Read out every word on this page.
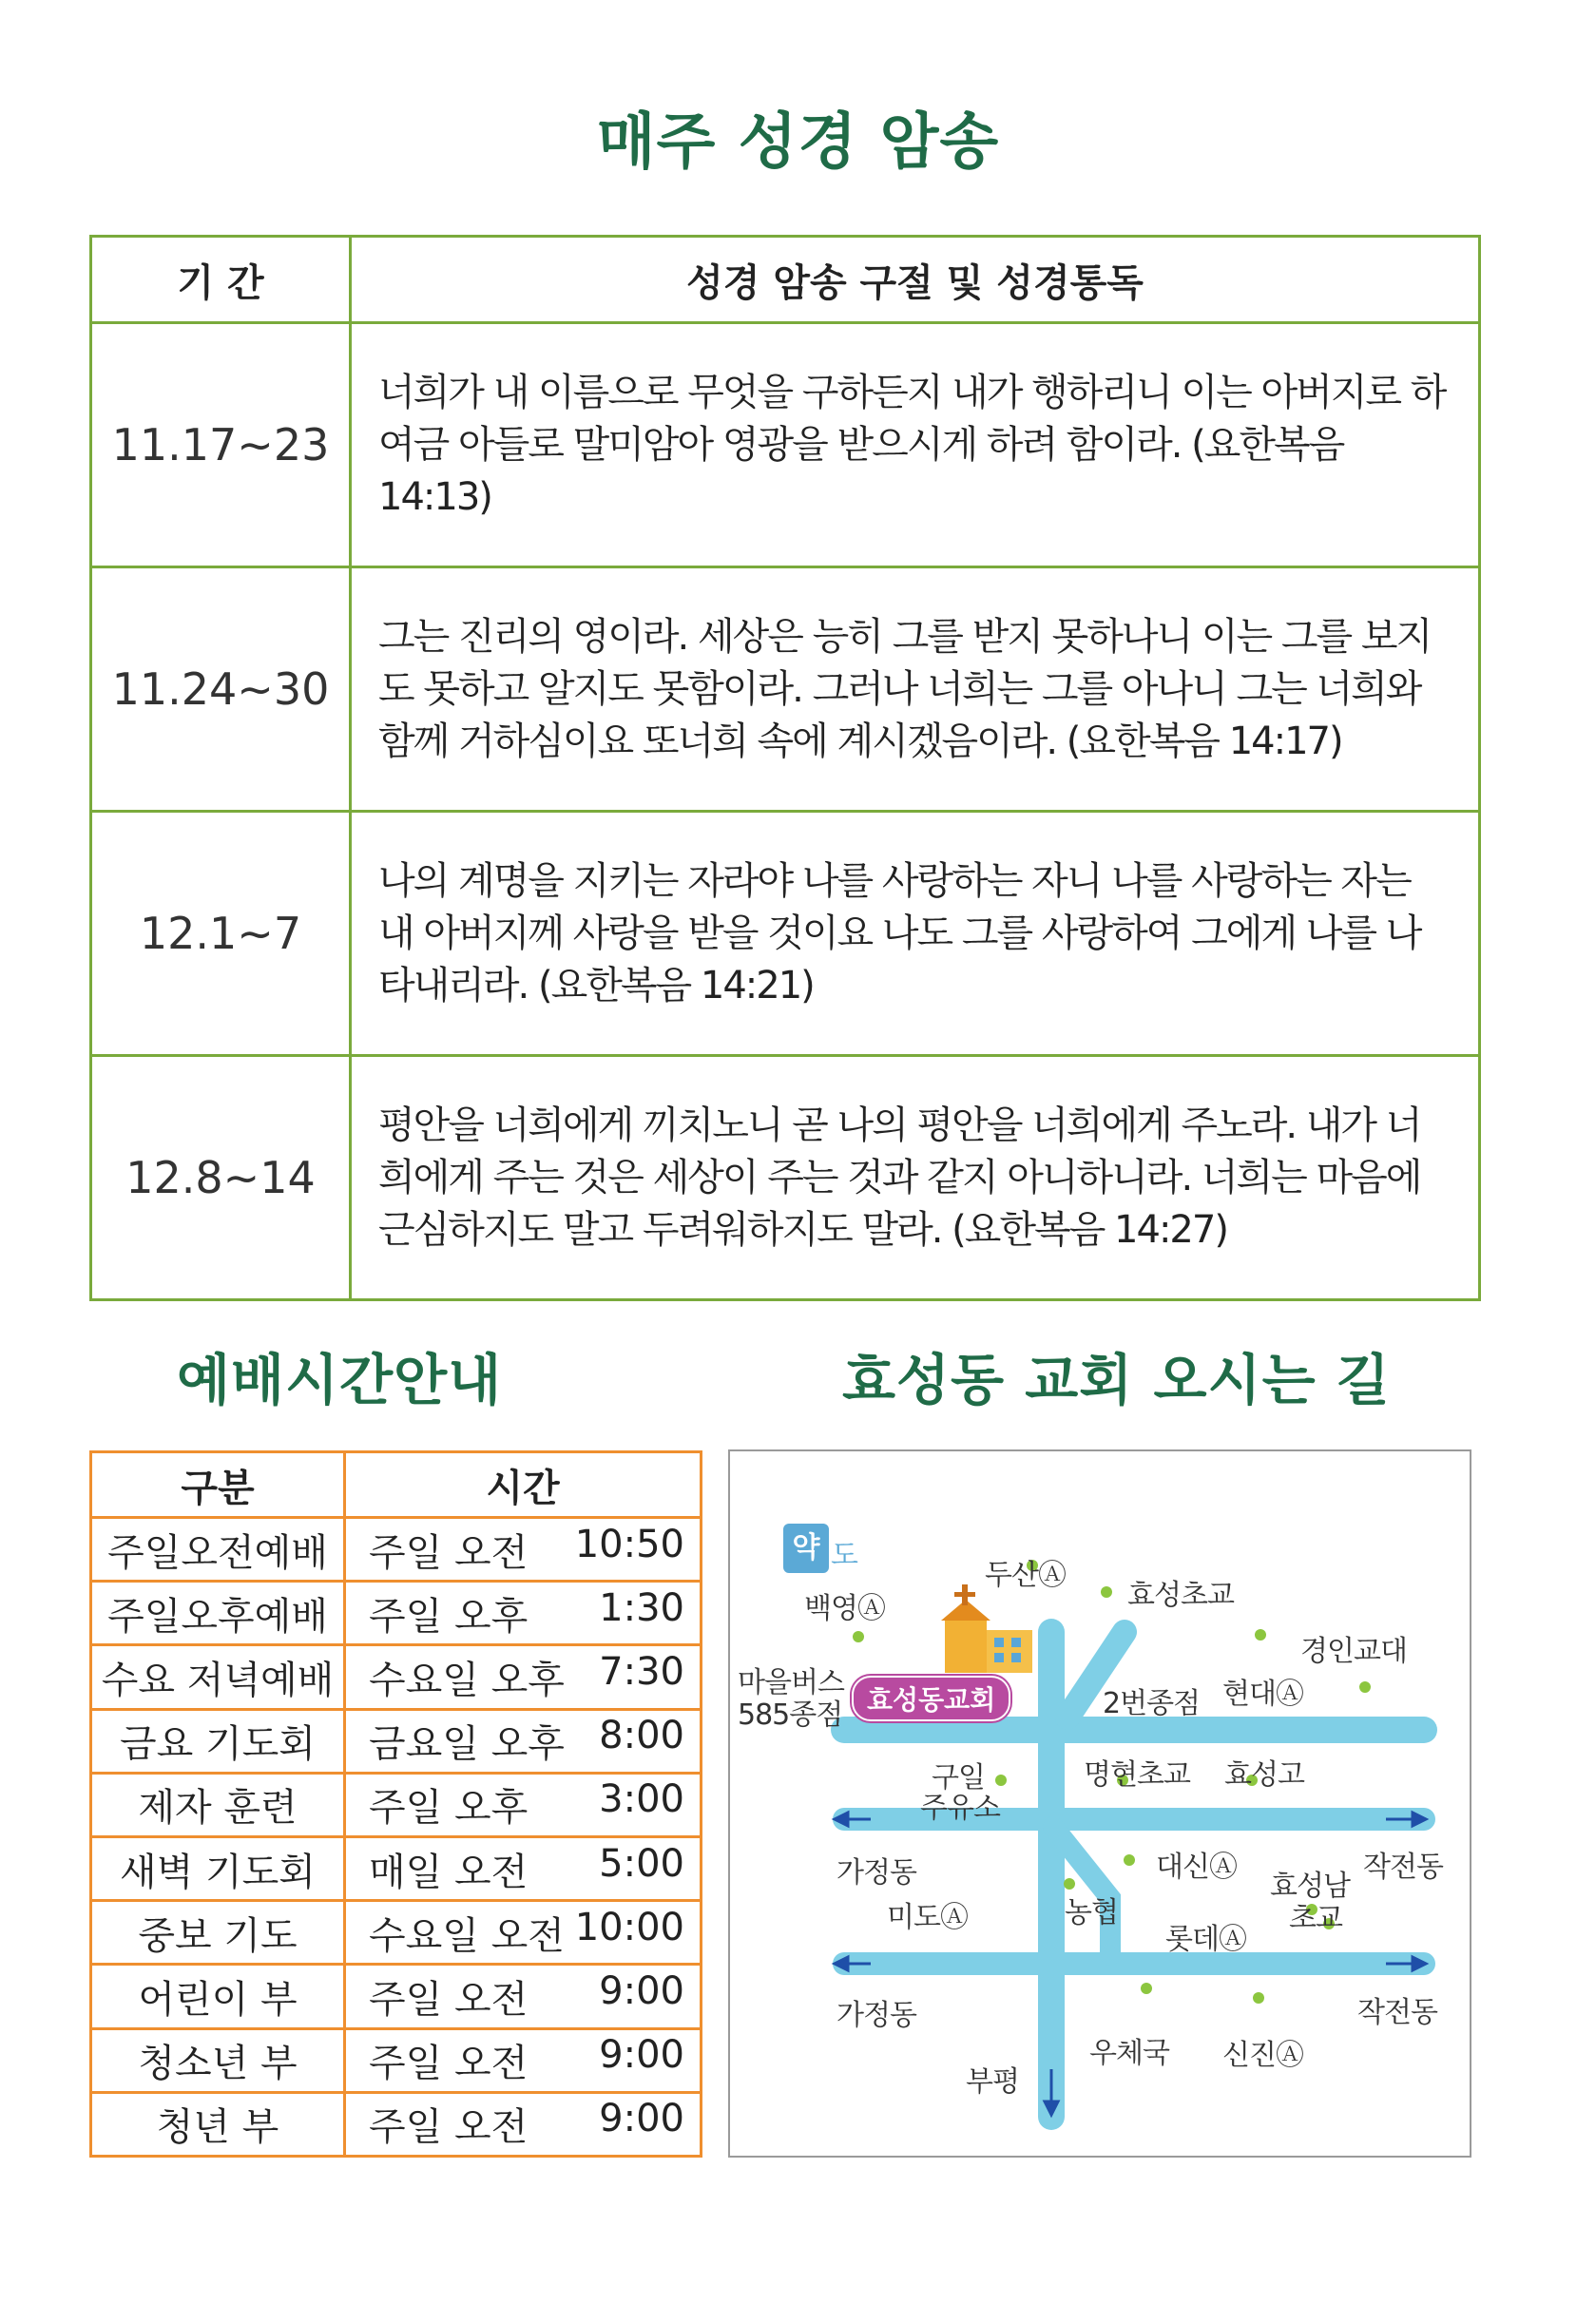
매주 성경 암송
기 간	성경 암송 구절 및 성경통독
11.17~23	너희가 내 이름으로 무엇을 구하든지 내가 행하리니 이는 아버지로 하여금 아들로 말미암아 영광을 받으시게 하려 함이라. (요한복음 14:13)
11.24~30	그는 진리의 영이라. 세상은 능히 그를 받지 못하나니 이는 그를 보지도 못하고 알지도 못함이라. 그러나 너희는 그를 아나니 그는 너희와 함께 거하심이요 또너희 속에 계시겠음이라. (요한복음 14:17)
12.1~7	나의 계명을 지키는 자라야 나를 사랑하는 자니 나를 사랑하는 자는 내 아버지께 사랑을 받을 것이요 나도 그를 사랑하여 그에게 나를 나타내리라. (요한복음 14:21)
12.8~14	평안을 너희에게 끼치노니 곧 나의 평안을 너희에게 주노라. 내가 너희에게 주는 것은 세상이 주는 것과 같지 아니하니라. 너희는 마음에 근심하지도 말고 두려워하지도 말라. (요한복음 14:27)
예배시간안내	효성동 교회 오시는 길
구분	시간
주일오전예배	주일 오전 10:50

주일오후예배	주일 오후 1:30

수요 저녁예배	수요일 오후 7:30

금요 기도회	금요일 오후 8:00

제자 훈련	주일 오후 3:00

새벽 기도회	매일 오전 5:00

중보 기도	수요일 오전 10:00

어린이 부	주일 오전 9:00

청소년 부	주일 오전 9:00

청년 부	주일 오전 9:00
약 도
효성동교회
백영Ⓐ
두산Ⓐ
효성초교
경인교대
마을버스
585종점	2번종점 현대Ⓐ
구일
주유소
명현초교 효성고
가정동	작전동
대신Ⓐ
효성남
초교
미도Ⓐ	농협
롯데Ⓐ
가정동	작전동
우체국 신진Ⓐ
부평
